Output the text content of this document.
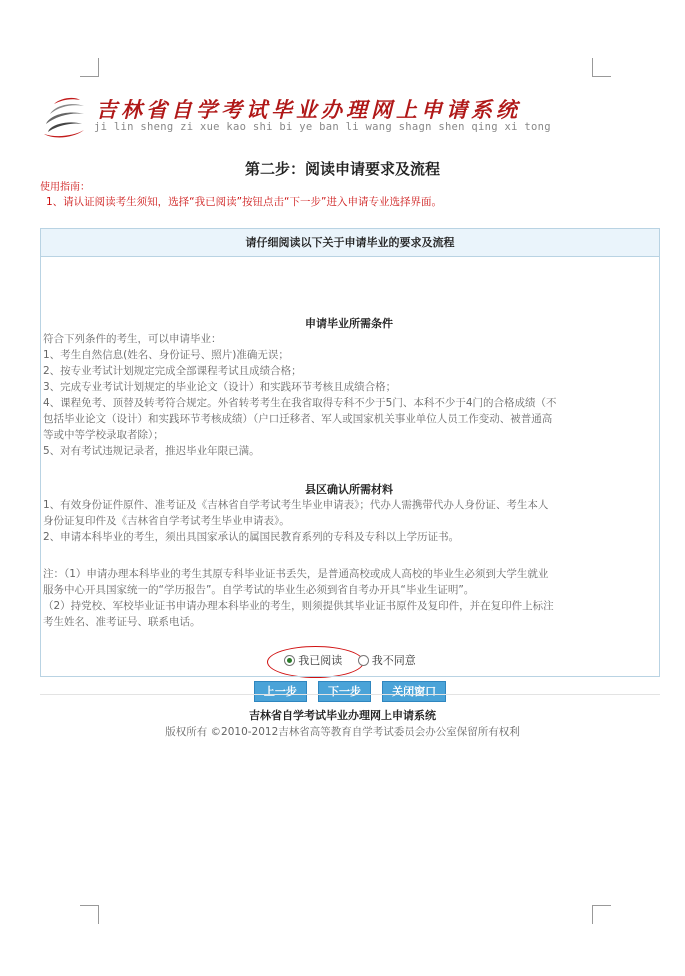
吉林省自学考试毕业办理网上申请系统
ji lin sheng zi xue kao shi bi ye ban li wang shagn shen qing xi tong
第二步：阅读申请要求及流程
使用指南：
1、请认证阅读考生须知，选择“我已阅读”按钮点击“下一步”进入申请专业选择界面。
请仔细阅读以下关于申请毕业的要求及流程
申请毕业所需条件

符合下列条件的考生，可以申请毕业：

1、考生自然信息(姓名、身份证号、照片)准确无误；

2、按专业考试计划规定完成全部课程考试且成绩合格；

3、完成专业考试计划规定的毕业论文（设计）和实践环节考核且成绩合格；

4、课程免考、顶替及转考符合规定。外省转考考生在我省取得专科不少于5门、本科不少于4门的合格成绩（不

包括毕业论文（设计）和实践环节考核成绩）（户口迁移者、军人或国家机关事业单位人员工作变动、被普通高

等或中等学校录取者除）；

5、对有考试违规记录者，推迟毕业年限已满。

县区确认所需材料

1、有效身份证件原件、准考证及《吉林省自学考试考生毕业申请表》；代办人需携带代办人身份证、考生本人

身份证复印件及《吉林省自学考试考生毕业申请表》。

2、申请本科毕业的考生，须出具国家承认的属国民教育系列的专科及专科以上学历证书。

注：（1）申请办理本科毕业的考生其原专科毕业证书丢失，是普通高校或成人高校的毕业生必须到大学生就业

服务中心开具国家统一的“学历报告”。自学考试的毕业生必须到省自考办开具“毕业生证明”。

（2）持党校、军校毕业证书申请办理本科毕业的考生，则须提供其毕业证书原件及复印件，并在复印件上标注

考生姓名、准考证号、联系电话。

我已阅读
	我不同意
上一步	下一步	关闭窗口
吉林省自学考试毕业办理网上申请系统
版权所有 ©2010-2012吉林省高等教育自学考试委员会办公室保留所有权利
